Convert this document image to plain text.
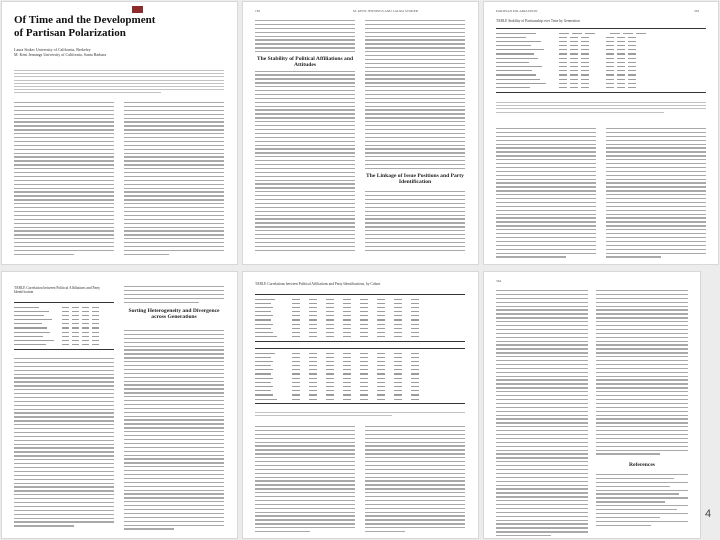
Of Time and the Development of Partisan Polarization
Laura Stoker University of California, Berkeley
M. Kent Jennings University of California, Santa Barbara
182	M. KENT JENNINGS AND LAURA STOKER
The Stability of Political Affiliations and Attitudes
The Linkage of Issue Positions and Party Identification
PARTISAN POLARIZATION	363
TABLE Stability of Partisanship over Time by Generation
TABLE Correlation between Political Affiliations and Party Identification
Sorting Heterogeneity and Divergence across Generations
TABLE Correlations between Political Affiliations and Party Identifications, by Cohort
364
References
4
